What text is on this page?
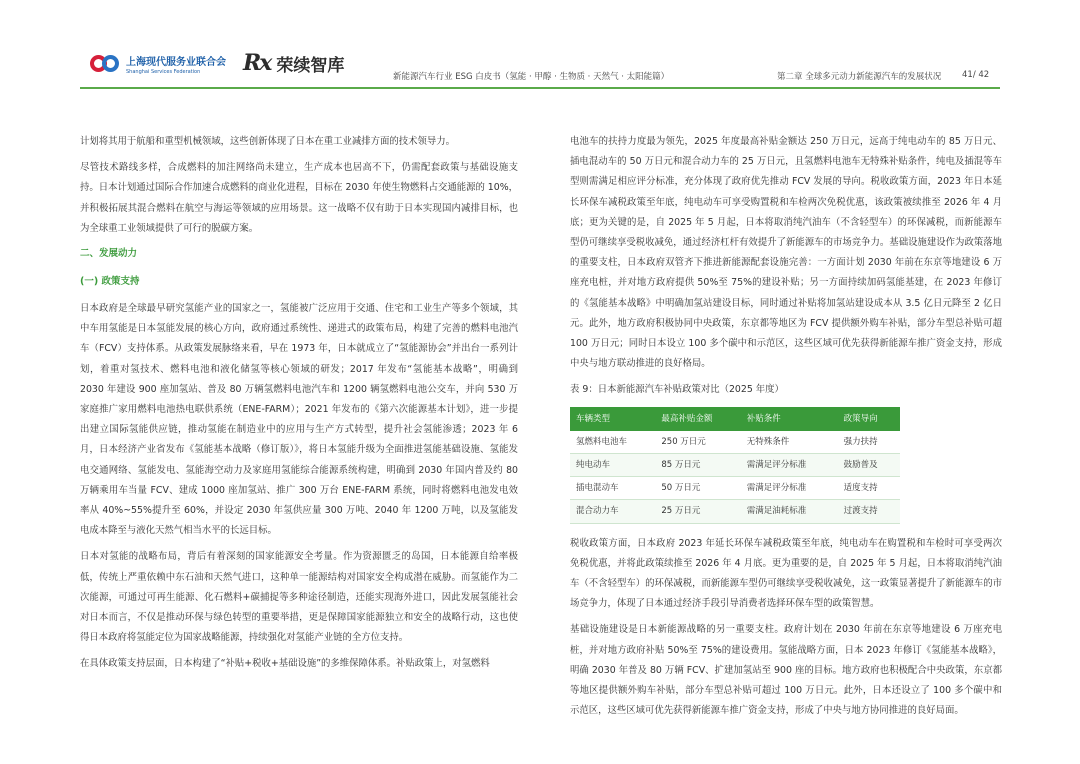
上海现代服务业联合会
Shanghai Services Federation	Rx 荣续智库
新能源汽车行业 ESG 白皮书（氢能 · 甲醇 · 生物质 · 天然气 · 太阳能篇）	第二章 全球多元动力新能源汽车的发展状况 41/ 42

计划将其用于航船和重型机械领域，这些创新体现了日本在重工业减排方面的技术领导力。

尽管技术路线多样，合成燃料的加注网络尚未建立，生产成本也居高不下，仍需配套政策与基础设施支持。日本计划通过国际合作加速合成燃料的商业化进程，目标在 2030 年使生物燃料占交通能源的 10%，并积极拓展其混合燃料在航空与海运等领域的应用场景。这一战略不仅有助于日本实现国内减排目标，也为全球重工业领域提供了可行的脱碳方案。

二、发展动力
(一) 政策支持

日本政府是全球最早研究氢能产业的国家之一，氢能被广泛应用于交通、住宅和工业生产等多个领域，其中车用氢能是日本氢能发展的核心方向，政府通过系统性、递进式的政策布局，构建了完善的燃料电池汽车（FCV）支持体系。从政策发展脉络来看，早在 1973 年，日本就成立了“氢能源协会”并出台一系列计划，着重对氢技术、燃料电池和液化储氢等核心领域的研发；2017 年发布“氢能基本战略”，明确到 2030 年建设 900 座加氢站、普及 80 万辆氢燃料电池汽车和 1200 辆氢燃料电池公交车，并向 530 万家庭推广家用燃料电池热电联供系统（ENE-FARM）；2021 年发布的《第六次能源基本计划》，进一步提出建立国际氢能供应链，推动氢能在制造业中的应用与生产方式转型，提升社会氢能渗透；2023 年 6 月，日本经济产业省发布《氢能基本战略（修订版）》，将日本氢能升级为全面推进氢能基础设施、氢能发电交通网络、氢能发电、氢能海空动力及家庭用氢能综合能源系统构建，明确到 2030 年国内普及约 80 万辆乘用车当量 FCV、建成 1000 座加氢站、推广 300 万台 ENE-FARM 系统，同时将燃料电池发电效率从 40%~55%提升至 60%，并设定 2030 年氢供应量 300 万吨、2040 年 1200 万吨，以及氢能发电成本降至与液化天然气相当水平的长远目标。

日本对氢能的战略布局，背后有着深刻的国家能源安全考量。作为资源匮乏的岛国，日本能源自给率极低，传统上严重依赖中东石油和天然气进口，这种单一能源结构对国家安全构成潜在威胁。而氢能作为二次能源，可通过可再生能源、化石燃料+碳捕捉等多种途径制造，还能实现海外进口，因此发展氢能社会对日本而言，不仅是推动环保与绿色转型的重要举措，更是保障国家能源独立和安全的战略行动，这也使得日本政府将氢能定位为国家战略能源，持续强化对氢能产业链的全方位支持。

在具体政策支持层面，日本构建了“补贴+税收+基础设施”的多维保障体系。补贴政策上，对氢燃料

电池车的扶持力度最为领先，2025 年度最高补贴金额达 250 万日元，远高于纯电动车的 85 万日元、插电混动车的 50 万日元和混合动力车的 25 万日元，且氢燃料电池车无特殊补贴条件，纯电及插混等车型则需满足相应评分标准，充分体现了政府优先推动 FCV 发展的导向。税收政策方面，2023 年日本延长环保车减税政策至年底，纯电动车可享受购置税和车检两次免税优惠，该政策被续推至 2026 年 4 月底；更为关键的是，自 2025 年 5 月起，日本将取消纯汽油车（不含轻型车）的环保减税，而新能源车型仍可继续享受税收减免，通过经济杠杆有效提升了新能源车的市场竞争力。基础设施建设作为政策落地的重要支柱，日本政府双管齐下推进新能源配套设施完善：一方面计划 2030 年前在东京等地建设 6 万座充电桩，并对地方政府提供 50%至 75%的建设补贴；另一方面持续加码氢能基建，在 2023 年修订的《氢能基本战略》中明确加氢站建设目标，同时通过补贴将加氢站建设成本从 3.5 亿日元降至 2 亿日元。此外，地方政府积极协同中央政策，东京都等地区为 FCV 提供额外购车补贴，部分车型总补贴可超 100 万日元；同时日本设立 100 多个碳中和示范区，这些区域可优先获得新能源车推广资金支持，形成中央与地方联动推进的良好格局。

表 9：日本新能源汽车补贴政策对比（2025 年度）
车辆类型	最高补贴金额	补贴条件	政策导向
氢燃料电池车	250 万日元	无特殊条件	强力扶持
纯电动车	85 万日元	需满足评分标准	鼓励普及
插电混动车	50 万日元	需满足评分标准	适度支持
混合动力车	25 万日元	需满足油耗标准	过渡支持

税收政策方面，日本政府 2023 年延长环保车减税政策至年底，纯电动车在购置税和车检时可享受两次免税优惠，并将此政策续推至 2026 年 4 月底。更为重要的是，自 2025 年 5 月起，日本将取消纯汽油车（不含轻型车）的环保减税，而新能源车型仍可继续享受税收减免，这一政策显著提升了新能源车的市场竞争力，体现了日本通过经济手段引导消费者选择环保车型的政策智慧。

基础设施建设是日本新能源战略的另一重要支柱。政府计划在 2030 年前在东京等地建设 6 万座充电桩，并对地方政府补贴 50%至 75%的建设费用。氢能战略方面，日本 2023 年修订《氢能基本战略》，明确 2030 年普及 80 万辆 FCV、扩建加氢站至 900 座的目标。地方政府也积极配合中央政策，东京都等地区提供额外购车补贴，部分车型总补贴可超过 100 万日元。此外，日本还设立了 100 多个碳中和示范区，这些区域可优先获得新能源车推广资金支持，形成了中央与地方协同推进的良好局面。
